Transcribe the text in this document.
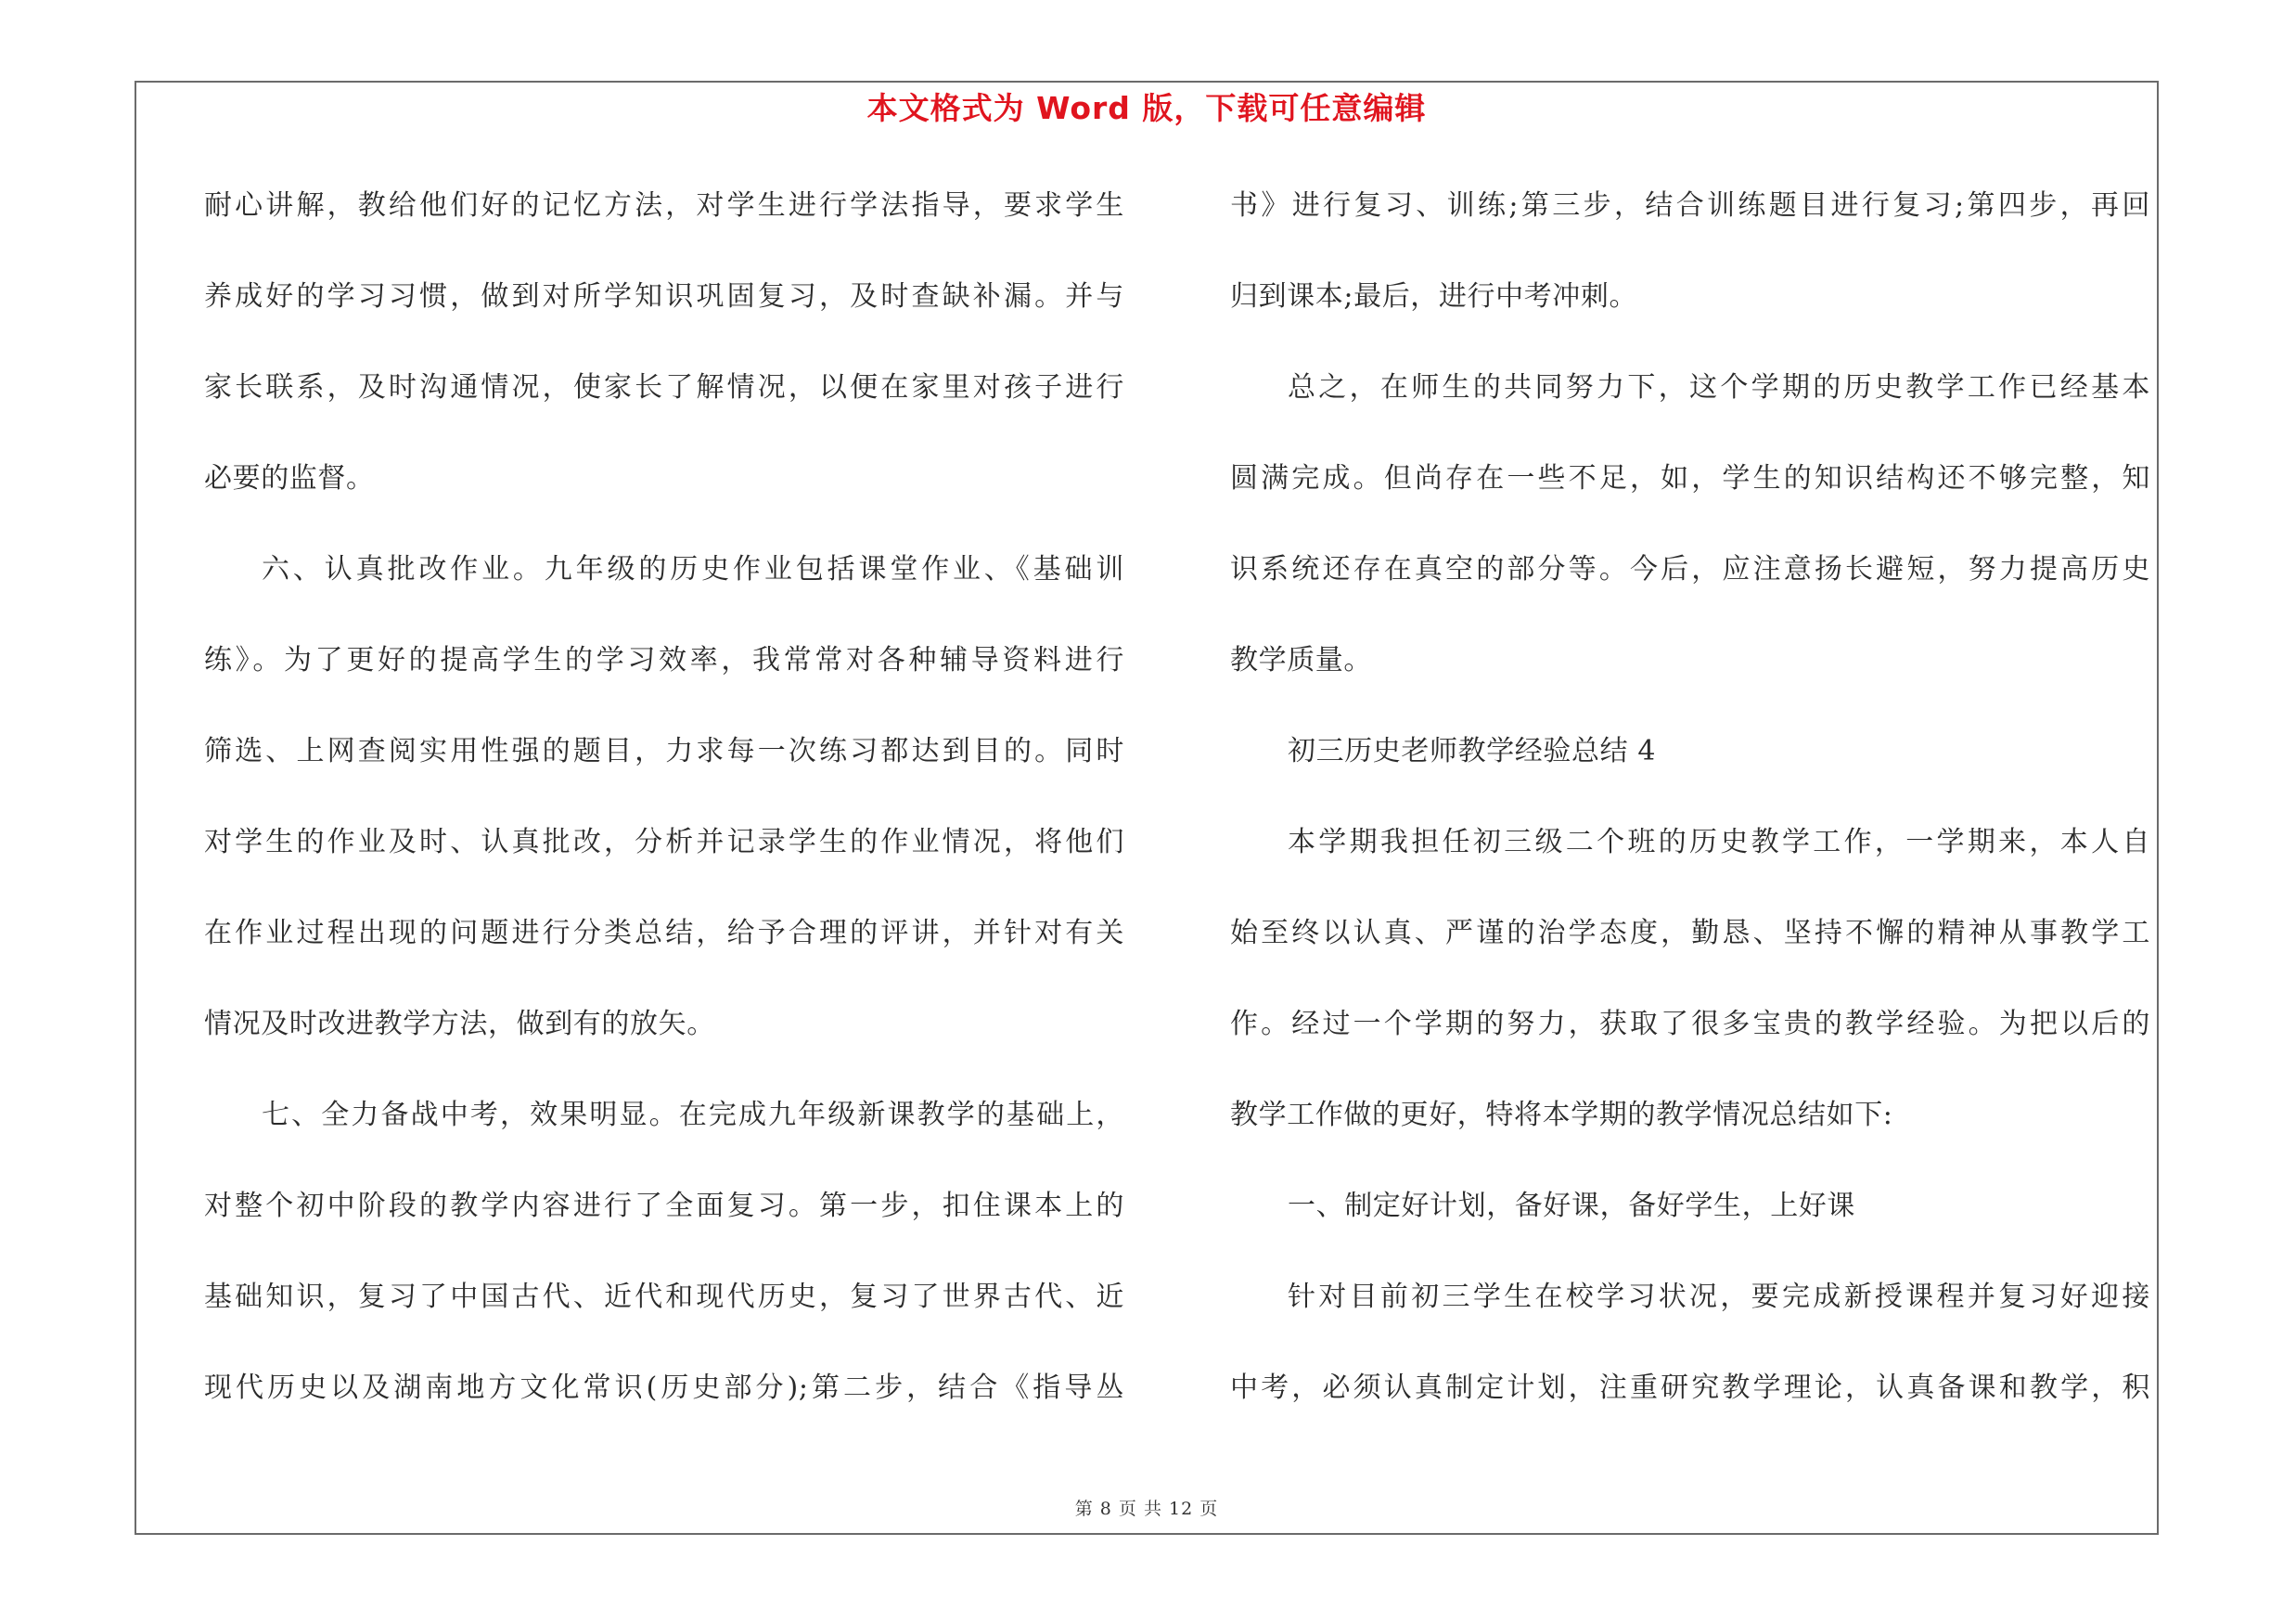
本文格式为 Word 版，下载可任意编辑
耐心讲解，教给他们好的记忆方法，对学生进行学法指导，要求学生
养成好的学习习惯，做到对所学知识巩固复习，及时查缺补漏。并与
家长联系，及时沟通情况，使家长了解情况，以便在家里对孩子进行
必要的监督。
六、认真批改作业。九年级的历史作业包括课堂作业、《基础训
练》。为了更好的提高学生的学习效率，我常常对各种辅导资料进行
筛选、上网查阅实用性强的题目，力求每一次练习都达到目的。同时
对学生的作业及时、认真批改，分析并记录学生的作业情况，将他们
在作业过程出现的问题进行分类总结，给予合理的评讲，并针对有关
情况及时改进教学方法，做到有的放矢。
七、全力备战中考，效果明显。在完成九年级新课教学的基础上，
对整个初中阶段的教学内容进行了全面复习。第一步，扣住课本上的
基础知识，复习了中国古代、近代和现代历史，复习了世界古代、近
现代历史以及湖南地方文化常识(历史部分);第二步，结合《指导丛
书》进行复习、训练;第三步，结合训练题目进行复习;第四步，再回
归到课本;最后，进行中考冲刺。
总之，在师生的共同努力下，这个学期的历史教学工作已经基本
圆满完成。但尚存在一些不足，如，学生的知识结构还不够完整，知
识系统还存在真空的部分等。今后，应注意扬长避短，努力提高历史
教学质量。
初三历史老师教学经验总结 4
本学期我担任初三级二个班的历史教学工作，一学期来，本人自
始至终以认真、严谨的治学态度，勤恳、坚持不懈的精神从事教学工
作。经过一个学期的努力，获取了很多宝贵的教学经验。为把以后的
教学工作做的更好，特将本学期的教学情况总结如下:
一、制定好计划，备好课，备好学生，上好课
针对目前初三学生在校学习状况，要完成新授课程并复习好迎接
中考，必须认真制定计划，注重研究教学理论，认真备课和教学，积
第 8 页 共 12 页
